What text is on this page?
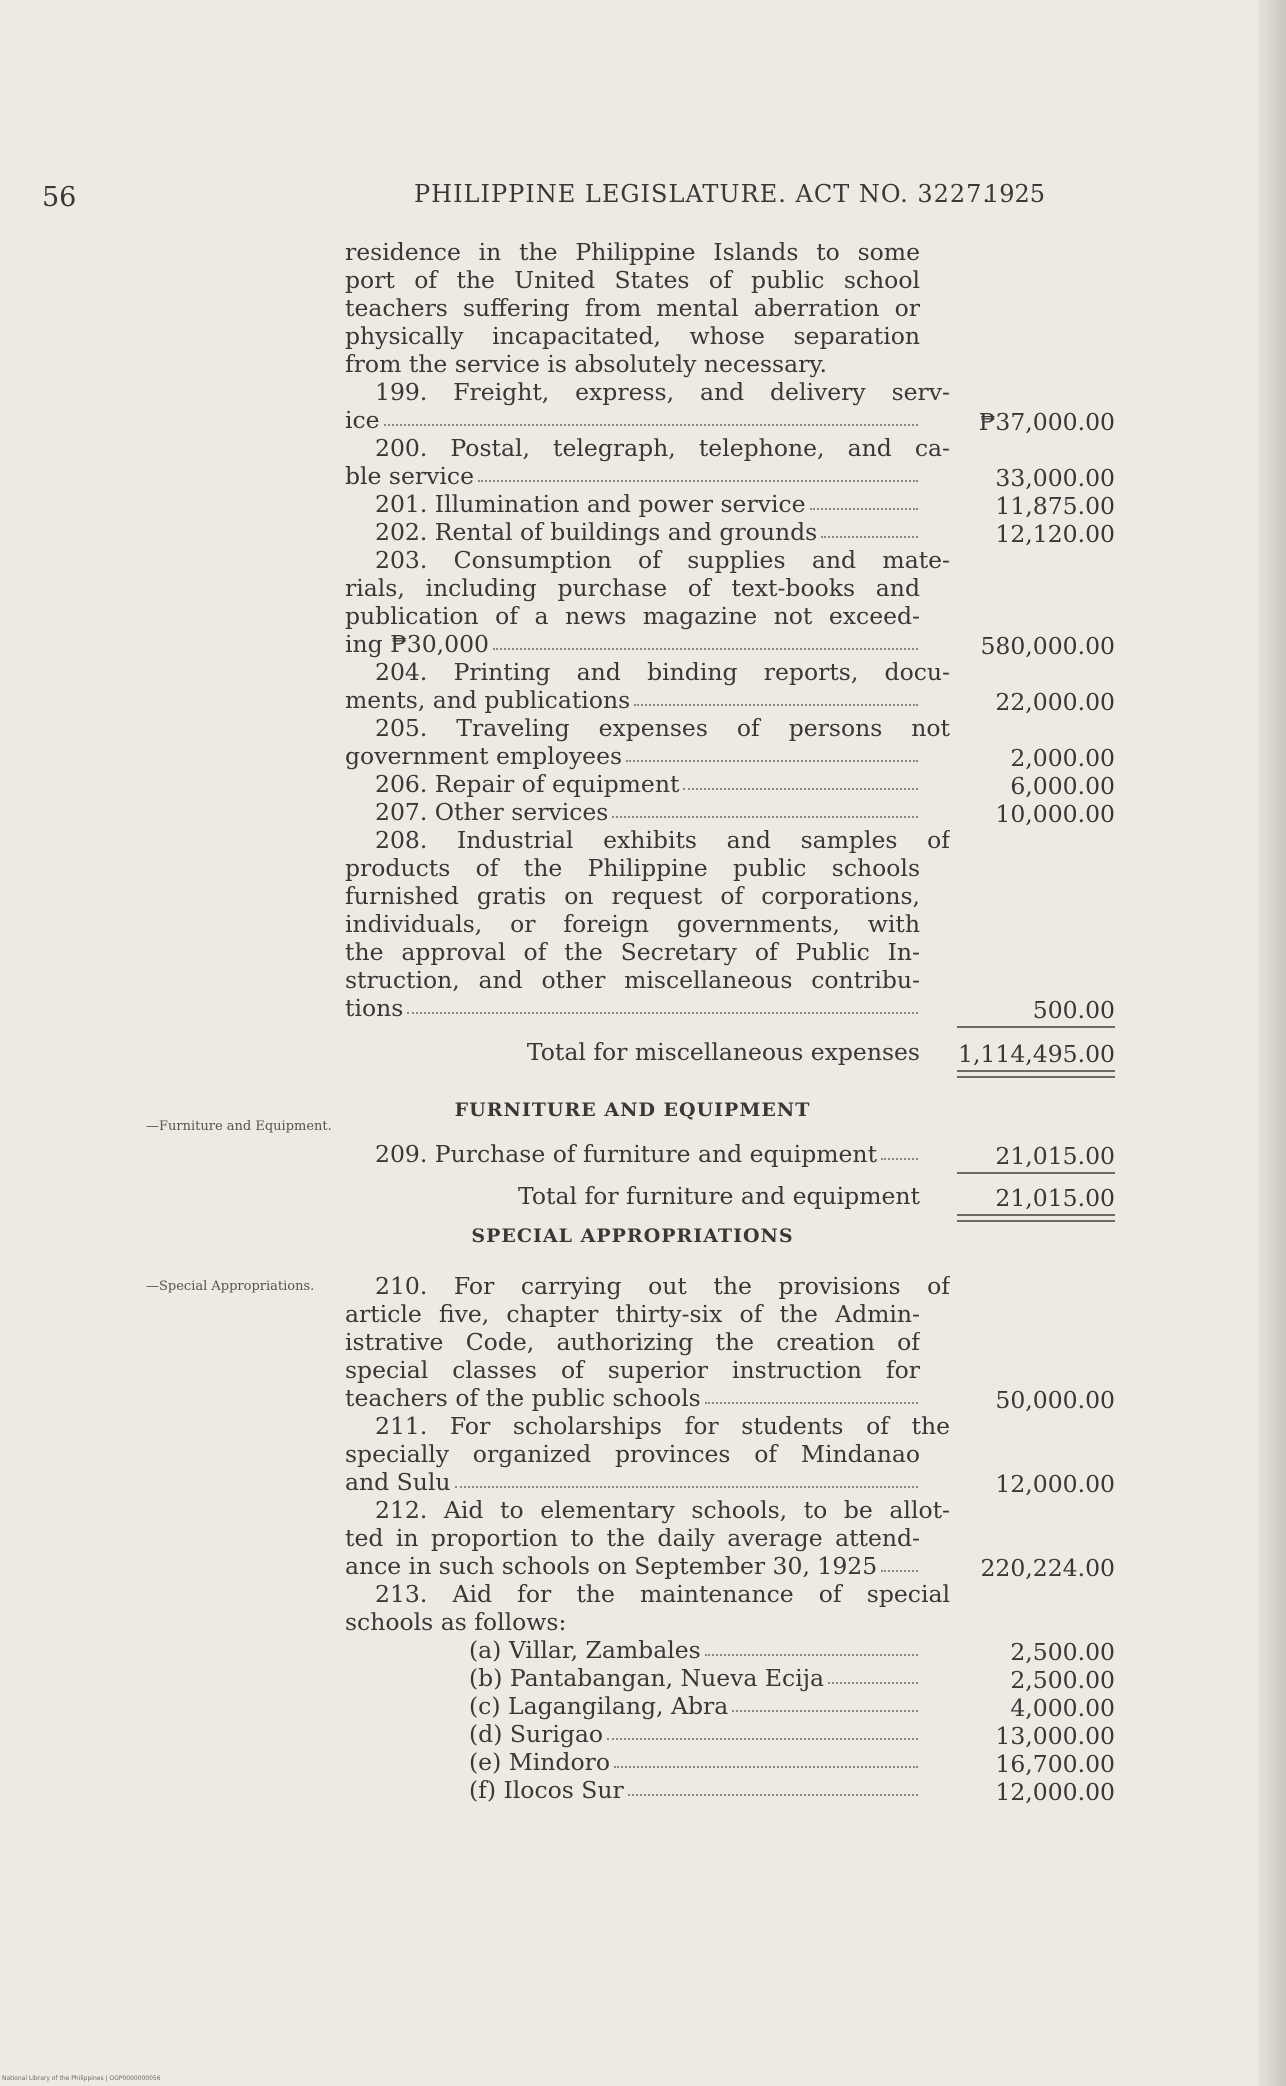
56	PHILIPPINE LEGISLATURE. ACT NO. 3227.
1925
residence in the Philippine Islands to some
port of the United States of public school
teachers suffering from mental aberration or
physically incapacitated, whose separation
from the service is absolutely necessary.
199. Freight, express, and delivery serv-
ice	₱37,000.00
200. Postal, telegraph, telephone, and ca-
ble service	33,000.00
201. Illumination and power service	11,875.00
202. Rental of buildings and grounds	12,120.00
203. Consumption of supplies and mate-
rials, including purchase of text-books and
publication of a news magazine not exceed-
ing ₱30,000	580,000.00
204. Printing and binding reports, docu-
ments, and publications	22,000.00
205. Traveling expenses of persons not
government employees	2,000.00
206. Repair of equipment	6,000.00
207. Other services	10,000.00
208. Industrial exhibits and samples of
products of the Philippine public schools
furnished gratis on request of corporations,
individuals, or foreign governments, with
the approval of the Secretary of Public In-
struction, and other miscellaneous contribu-
tions	500.00
Total for miscellaneous expenses	1,114,495.00
FURNITURE AND EQUIPMENT
209. Purchase of furniture and equipment	21,015.00
Total for furniture and equipment	21,015.00
SPECIAL APPROPRIATIONS
210. For carrying out the provisions of
article five, chapter thirty-six of the Admin-
istrative Code, authorizing the creation of
special classes of superior instruction for
teachers of the public schools	50,000.00
211. For scholarships for students of the
specially organized provinces of Mindanao
and Sulu	12,000.00
212. Aid to elementary schools, to be allot-
ted in proportion to the daily average attend-
ance in such schools on September 30, 1925	220,224.00
213. Aid for the maintenance of special
schools as follows:
(a) Villar, Zambales	2,500.00
(b) Pantabangan, Nueva Ecija	2,500.00
(c) Lagangilang, Abra	4,000.00
(d) Surigao	13,000.00
(e) Mindoro	16,700.00
(f) Ilocos Sur	12,000.00
—Furniture and Equipment.
—Special Appropriations.
National Library of the Philippines | OGP0000000056
